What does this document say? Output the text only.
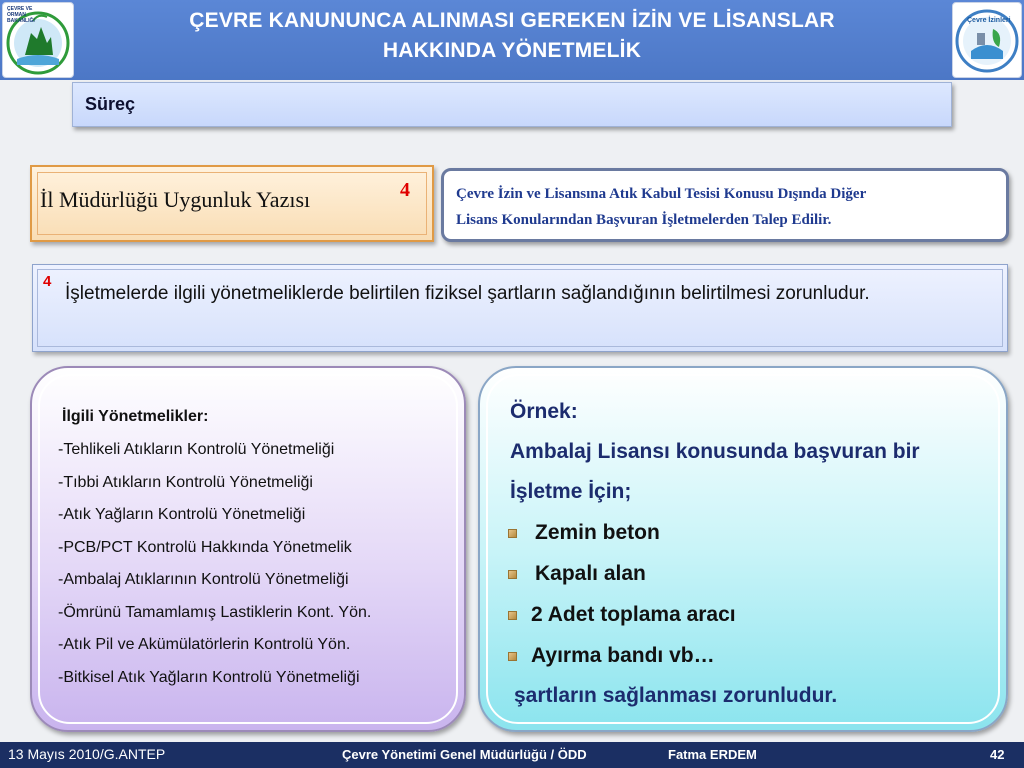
ÇEVRE VE ORMAN BAKANLIĞI	ÇEVRE KANUNUNCA ALINMASI GEREKEN İZİN VE LİSANSLAR
HAKKINDA YÖNETMELİK
Çevre İzinleri
Süreç
İl Müdürlüğü Uygunluk Yazısı	4	Çevre İzin ve Lisansına Atık Kabul Tesisi Konusu Dışında Diğer
Lisans Konularından Başvuran İşletmelerden Talep Edilir.
4
İşletmelerde ilgili yönetmeliklerde belirtilen fiziksel şartların sağlandığının belirtilmesi zorunludur.
İlgili Yönetmelikler:
-Tehlikeli Atıkların Kontrolü Yönetmeliği
-Tıbbi Atıkların Kontrolü Yönetmeliği
-Atık Yağların Kontrolü Yönetmeliği
-PCB/PCT Kontrolü Hakkında Yönetmelik
-Ambalaj Atıklarının Kontrolü Yönetmeliği
-Ömrünü Tamamlamış Lastiklerin Kont. Yön.
-Atık Pil ve Akümülatörlerin Kontrolü Yön.
-Bitkisel Atık Yağların Kontrolü Yönetmeliği
Örnek:
Ambalaj Lisansı konusunda başvuran bir
İşletme İçin;
Zemin beton
Kapalı alan
2 Adet toplama aracı
Ayırma bandı vb…
şartların sağlanması zorunludur.
13 Mayıs 2010/G.ANTEP	Çevre Yönetimi Genel Müdürlüğü / ÖDD	Fatma ERDEM	42
